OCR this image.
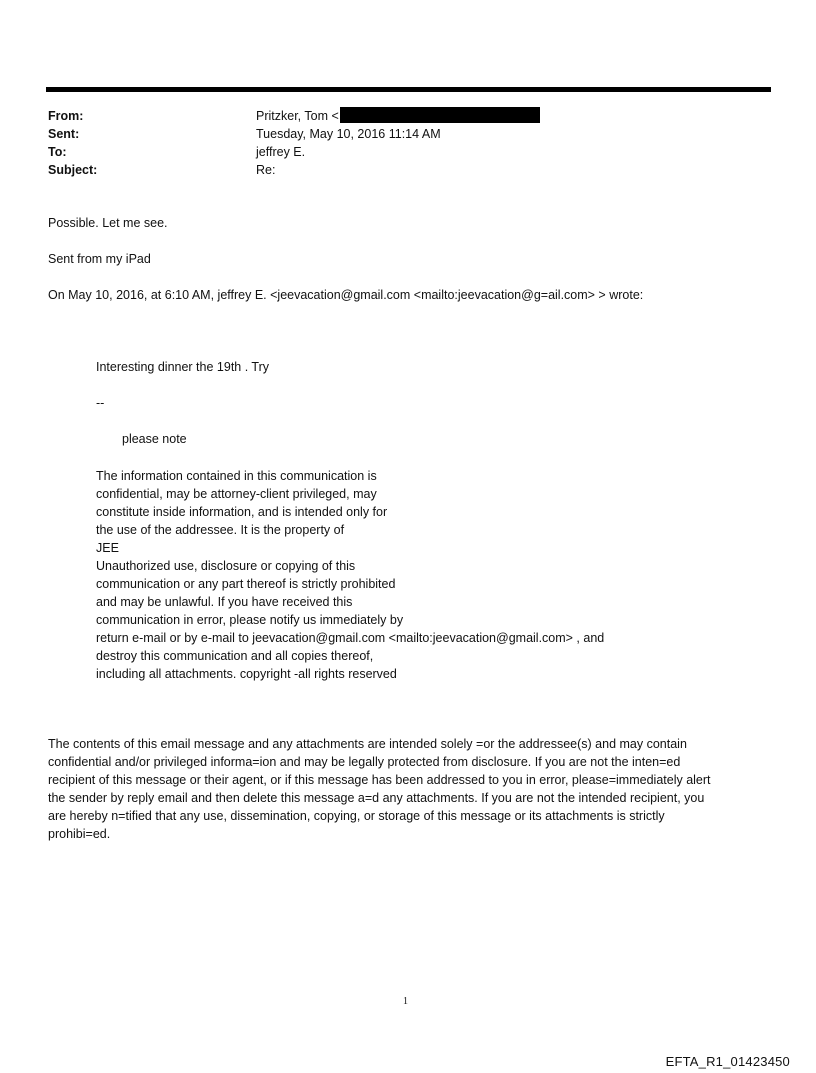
From:	Pritzker, Tom <
Sent:	Tuesday, May 10, 2016 11:14 AM
To:	jeffrey E.
Subject:	Re:
Possible. Let me see.
Sent from my iPad
On May 10, 2016, at 6:10 AM, jeffrey E. <jeevacation@gmail.com <mailto:jeevacation@g=ail.com> > wrote:
Interesting dinner the 19th . Try
--
please note
The information contained in this communication is
confidential, may be attorney-client privileged, may
constitute inside information, and is intended only for
the use of the addressee. It is the property of
JEE
Unauthorized use, disclosure or copying of this
communication or any part thereof is strictly prohibited
and may be unlawful. If you have received this
communication in error, please notify us immediately by
return e-mail or by e-mail to jeevacation@gmail.com <mailto:jeevacation@gmail.com> , and
destroy this communication and all copies thereof,
including all attachments. copyright -all rights reserved
The contents of this email message and any attachments are intended solely =or the addressee(s) and may contain
confidential and/or privileged informa=ion and may be legally protected from disclosure. If you are not the inten=ed
recipient of this message or their agent, or if this message has been addressed to you in error, please=immediately alert
the sender by reply email and then delete this message a=d any attachments. If you are not the intended recipient, you
are hereby n=tified that any use, dissemination, copying, or storage of this message or its attachments is strictly
prohibi=ed.
1
EFTA_R1_01423450
